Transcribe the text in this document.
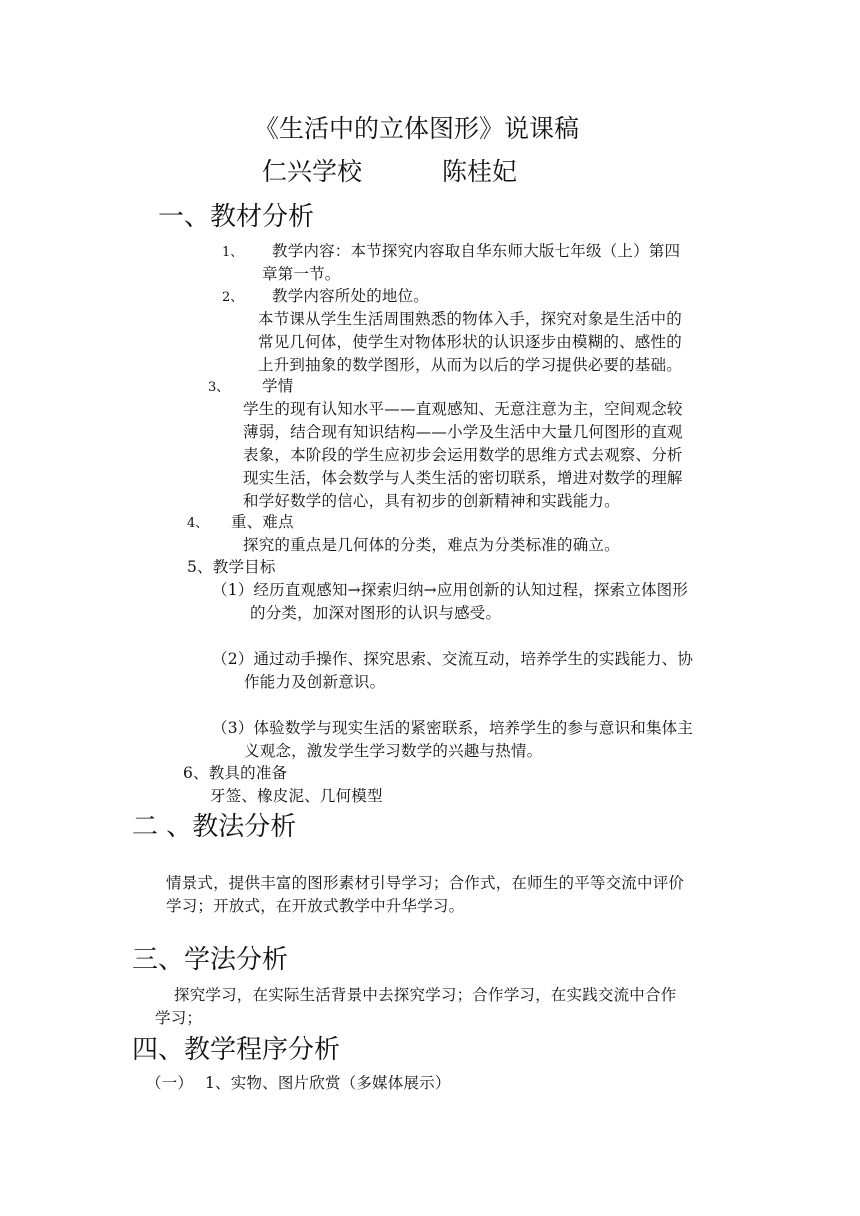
《生活中的立体图形》说课稿
仁兴学校	陈桂妃
一、教材分析
1、 教学内容：本节探究内容取自华东师大版七年级（上）第四
章第一节。
2、 教学内容所处的地位。
本节课从学生生活周围熟悉的物体入手，探究对象是生活中的
常见几何体，使学生对物体形状的认识逐步由模糊的、感性的
上升到抽象的数学图形，从而为以后的学习提供必要的基础。
3、 学情
学生的现有认知水平——直观感知、无意注意为主，空间观念较
薄弱，结合现有知识结构——小学及生活中大量几何图形的直观
表象，本阶段的学生应初步会运用数学的思维方式去观察、分析
现实生活，体会数学与人类生活的密切联系，增进对数学的理解
和学好数学的信心，具有初步的创新精神和实践能力。
4、 重、难点
探究的重点是几何体的分类，难点为分类标准的确立。
5、教学目标
（1）经历直观感知→探索归纳→应用创新的认知过程，探索立体图形
的分类，加深对图形的认识与感受。
（2）通过动手操作、探究思索、交流互动，培养学生的实践能力、协
作能力及创新意识。
（3）体验数学与现实生活的紧密联系，培养学生的参与意识和集体主
义观念，激发学生学习数学的兴趣与热情。
6、教具的准备
牙签、橡皮泥、几何模型
二 、教法分析
情景式，提供丰富的图形素材引导学习；合作式，在师生的平等交流中评价
学习；开放式，在开放式教学中升华学习。
三、学法分析
探究学习，在实际生活背景中去探究学习；合作学习，在实践交流中合作
学习；
四、教学程序分析
（一） 1、实物、图片欣赏（多媒体展示）
